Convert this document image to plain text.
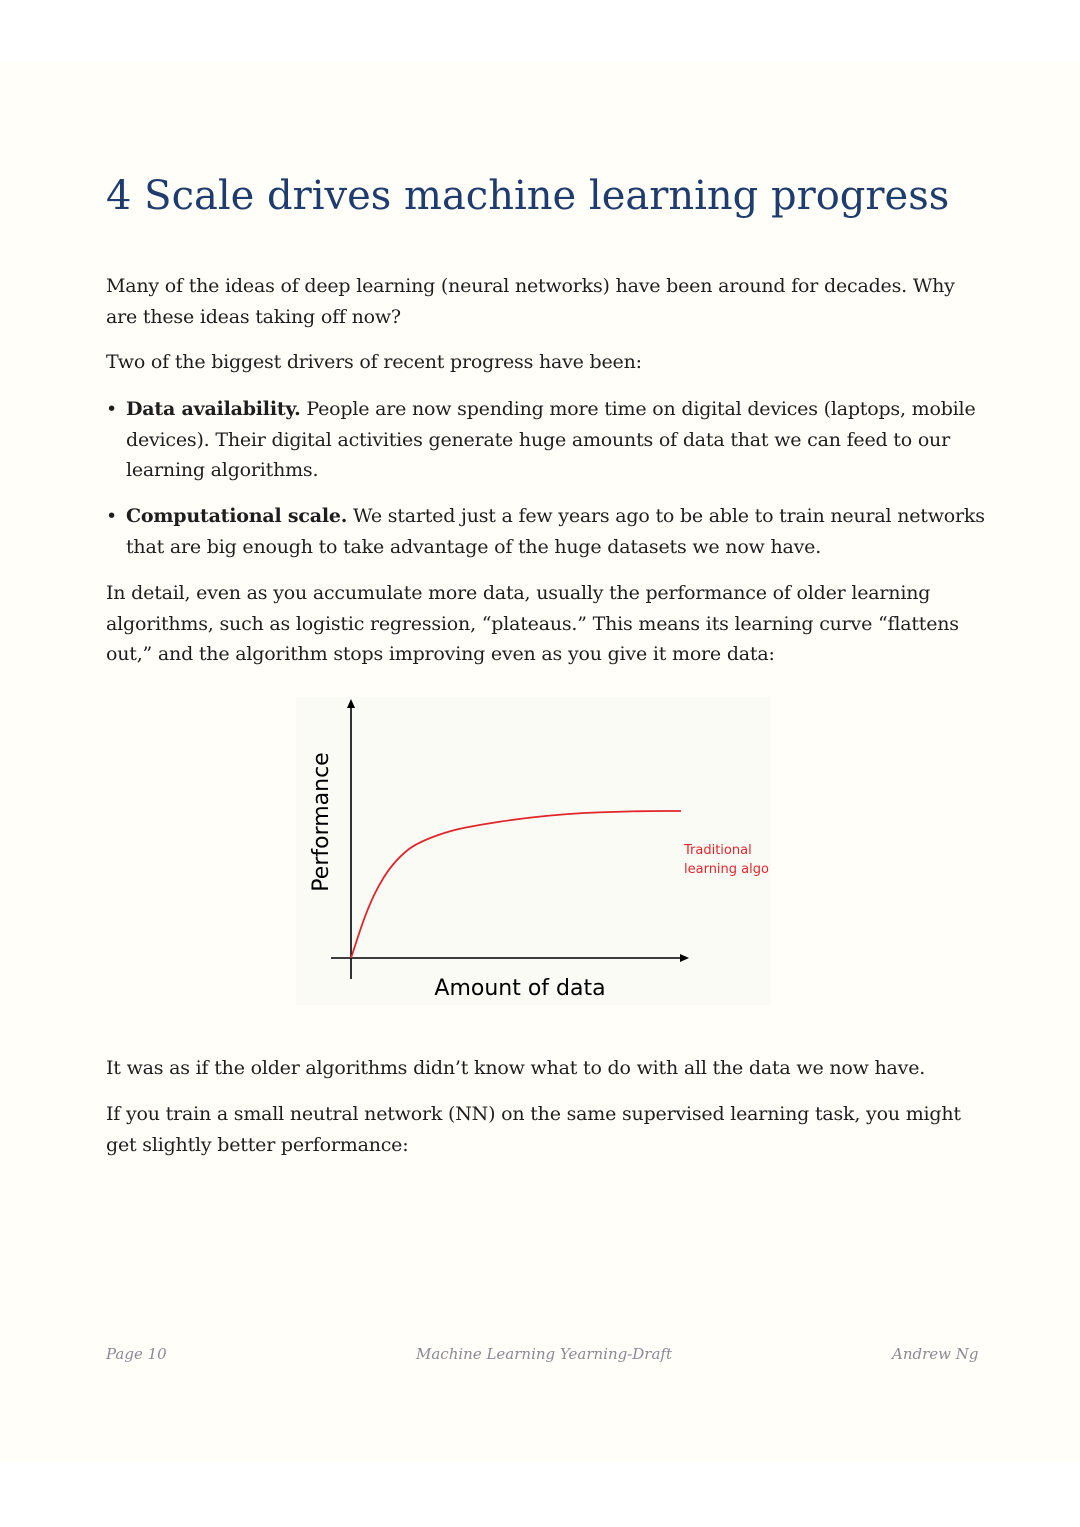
4 Scale drives machine learning progress
Many of the ideas of deep learning (neural networks) have been around for decades. Why are these ideas taking off now?
Two of the biggest drivers of recent progress have been:
• Data availability. People are now spending more time on digital devices (laptops, mobile devices). Their digital activities generate huge amounts of data that we can feed to our learning algorithms.
• Computational scale. We started just a few years ago to be able to train neural networks that are big enough to take advantage of the huge datasets we now have.
In detail, even as you accumulate more data, usually the performance of older learning algorithms, such as logistic regression, “plateaus.” This means its learning curve “flattens out,” and the algorithm stops improving even as you give it more data:
Traditional learning algo
Amount of data
Performance
It was as if the older algorithms didn’t know what to do with all the data we now have.
If you train a small neutral network (NN) on the same supervised learning task, you might get slightly better performance:
Page 10	Machine Learning Yearning-Draft	Andrew Ng
